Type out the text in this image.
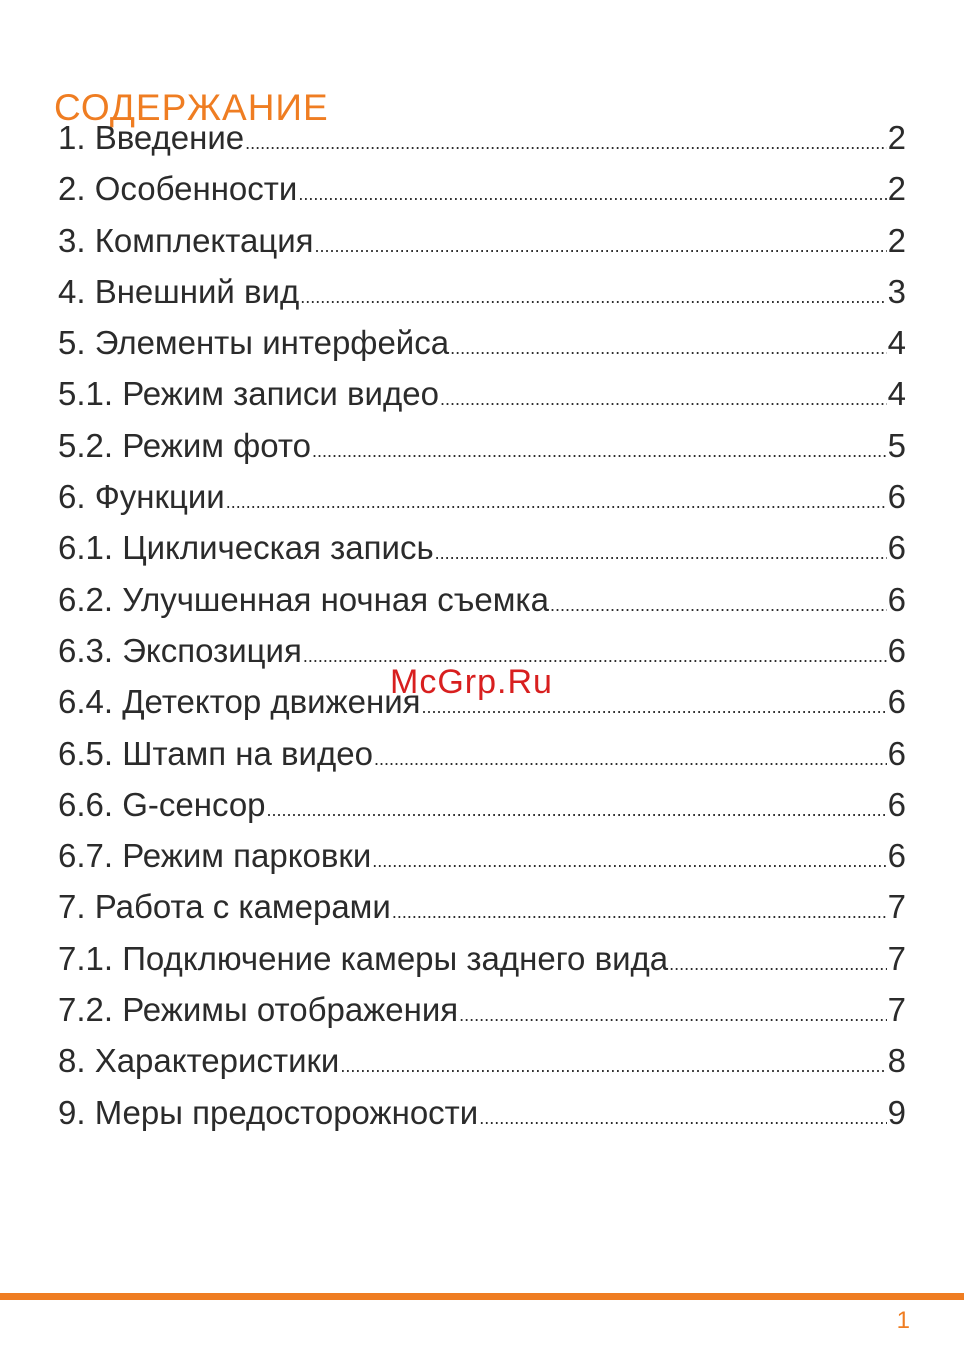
СОДЕРЖАНИЕ
1. Введение .....	2
2. Особенности .....	2
3. Комплектация .....	2
4. Внешний вид .....	3
5. Элементы интерфейса .....	4
5.1. Режим записи видео .....	4
5.2. Режим фото .....	5
6. Функции .....	6
6.1. Циклическая запись .....	6
6.2. Улучшенная ночная съемка .....	6
6.3. Экспозиция .....	6
6.4. Детектор движения .....	6
6.5. Штамп на видео .....	6
6.6. G-сенсор .....	6
6.7. Режим парковки .....	6
7. Работа с камерами .....	7
7.1. Подключение камеры заднего вида .....	7
7.2. Режимы отображения .....	7
8. Характеристики .....	8
9. Меры предосторожности .....	9
McGrp.Ru
1
